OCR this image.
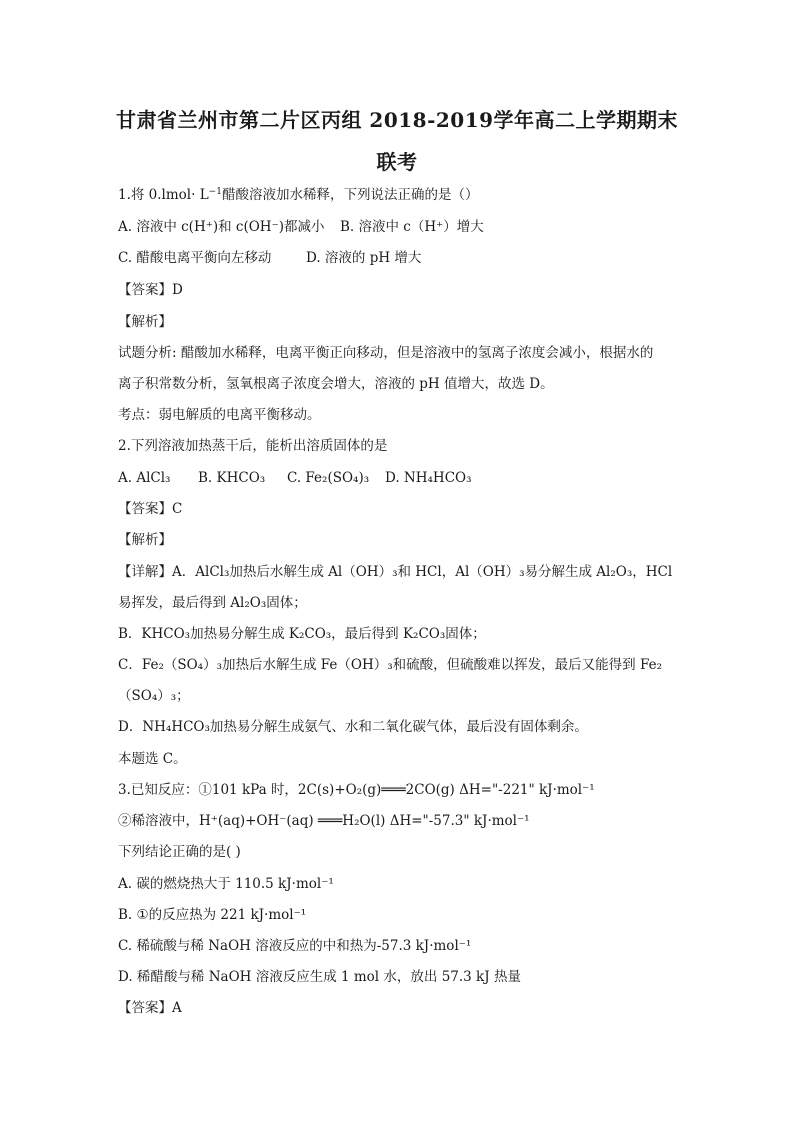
甘肃省兰州市第二片区丙组 2018-2019学年高二上学期期末
联考
1.将 0.lmol· $L^{-1}$醋酸溶液加水稀释，下列说法正确的是（）
A. 溶液中 c(H⁺)和 c(OH⁻)都减小 B. 溶液中 c（H⁺）增大
C. 醋酸电离平衡向左移动	D. 溶液的 pH 增大
【答案】D
【解析】
试题分析: 醋酸加水稀释，电离平衡正向移动，但是溶液中的氢离子浓度会减小，根据水的
离子积常数分析，氢氧根离子浓度会增大，溶液的 pH 值增大，故选 D。
考点：弱电解质的电离平衡移动。
2.下列溶液加热蒸干后，能析出溶质固体的是
A. AlCl₃ B. KHCO₃ C. Fe₂(SO₄)₃ D. NH₄HCO₃
【答案】C
【解析】
【详解】A．AlCl₃加热后水解生成 Al（OH）₃和 HCl，Al（OH）₃易分解生成 Al₂O₃，HCl
易挥发，最后得到 Al₂O₃固体；
B．KHCO₃加热易分解生成 K₂CO₃，最后得到 K₂CO₃固体；
C．Fe₂（SO₄）₃加热后水解生成 Fe（OH）₃和硫酸，但硫酸难以挥发，最后又能得到 Fe₂
（SO₄）₃；
D．NH₄HCO₃加热易分解生成氨气、水和二氧化碳气体，最后没有固体剩余。
本题选 C。
3.已知反应：①101 kPa 时，2C(s)+O₂(g)═══2CO(g) ΔH="-221" kJ·mol⁻¹
②稀溶液中，H⁺(aq)+OH⁻(aq) ═══H₂O(l) ΔH="-57.3" kJ·mol⁻¹
下列结论正确的是( )
A. 碳的燃烧热大于 110.5 kJ·mol⁻¹
B. ①的反应热为 221 kJ·mol⁻¹
C. 稀硫酸与稀 NaOH 溶液反应的中和热为-57.3 kJ·mol⁻¹
D. 稀醋酸与稀 NaOH 溶液反应生成 1 mol 水，放出 57.3 kJ 热量
【答案】A
